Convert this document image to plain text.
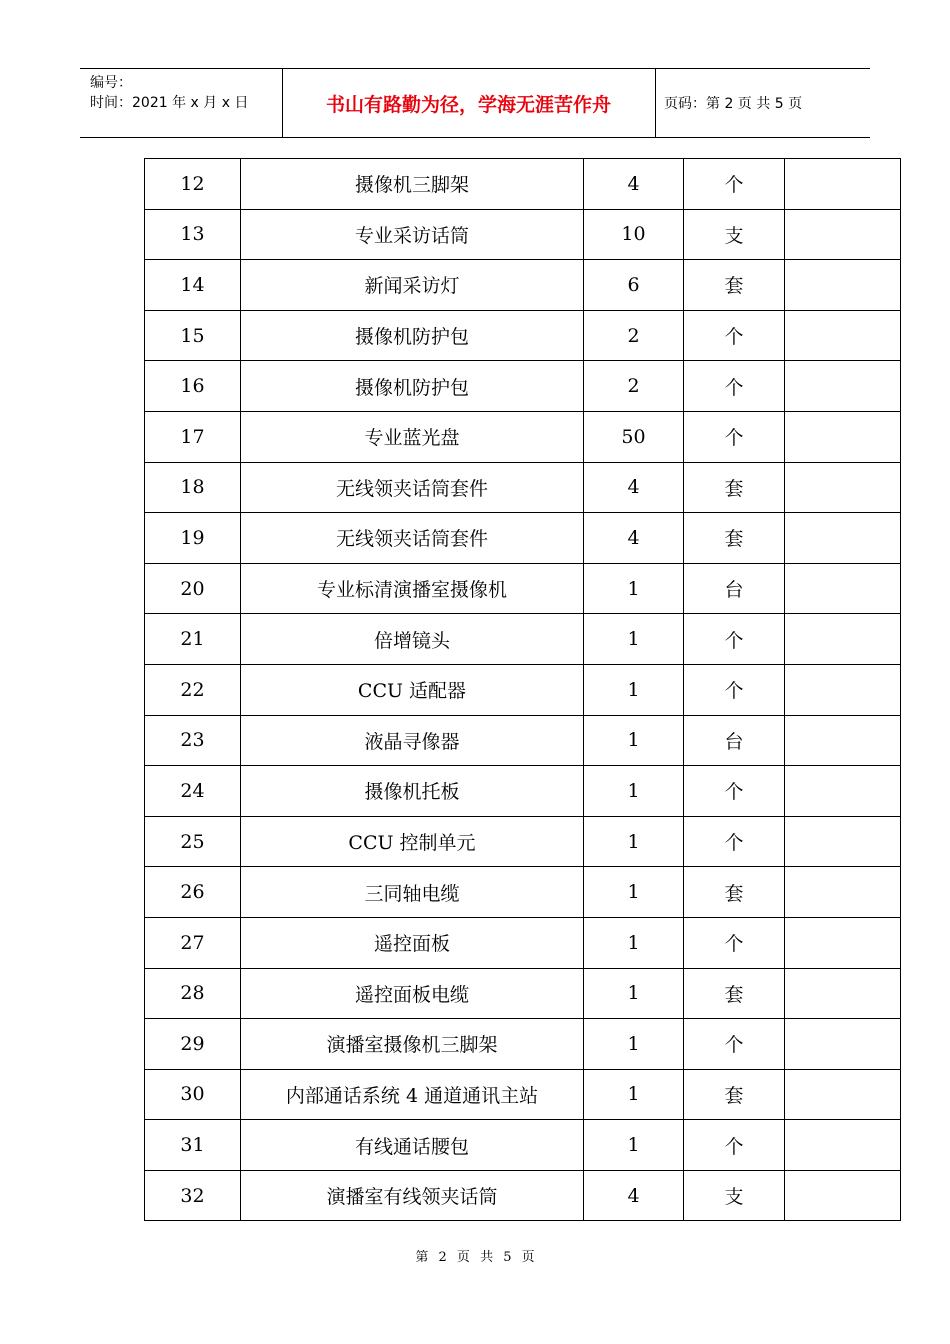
编号：
时间：2021 年 x 月 x 日	书山有路勤为径，学海无涯苦作舟	页码：第 2 页 共 5 页
12	摄像机三脚架	4	个	
13	专业采访话筒	10	支	
14	新闻采访灯	6	套	
15	摄像机防护包	2	个	
16	摄像机防护包	2	个	
17	专业蓝光盘	50	个	
18	无线领夹话筒套件	4	套	
19	无线领夹话筒套件	4	套	
20	专业标清演播室摄像机	1	台	
21	倍增镜头	1	个	
22	CCU 适配器	1	个	
23	液晶寻像器	1	台	
24	摄像机托板	1	个	
25	CCU 控制单元	1	个	
26	三同轴电缆	1	套	
27	遥控面板	1	个	
28	遥控面板电缆	1	套	
29	演播室摄像机三脚架	1	个	
30	内部通话系统 4 通道通讯主站	1	套	
31	有线通话腰包	1	个	
32	演播室有线领夹话筒	4	支	
第 2 页 共 5 页
